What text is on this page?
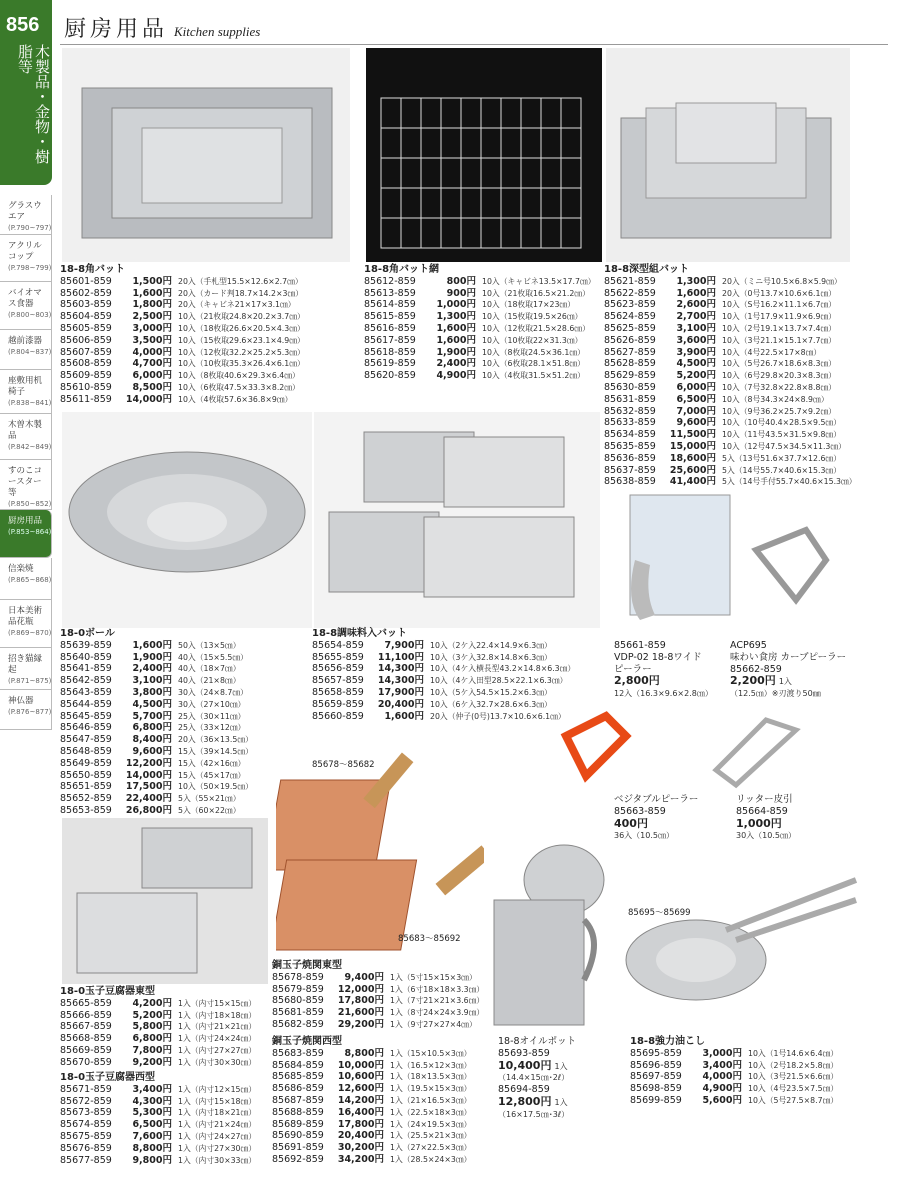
856
木製品・金物・樹脂等
グラスウエア
(P.790~797)
アクリルコップ
(P.798~799)
バイオマス食器
(P.800~803)
越前漆器
(P.804~837)
座敷用机椅子
(P.838~841)
木曽木製品
(P.842~849)
すのこコースター等
(P.850~852)
厨房用品
(P.853~864)
信楽焼
(P.865~868)
日本美術品花瓶
(P.869~870)
招き猫縁起
(P.871~875)
神仏器
(P.876~877)
厨房用品 Kitchen supplies
85678～85682
85683～85692
85695～85699
18-8角バット
85601-859	1,500円 20入（手札型15.5×12.6×2.7㎝）
85602-859	1,600円 20入（カード判18.7×14.2×3㎝）
85603-859	1,800円 20入（キャビネ21×17×3.1㎝）
85604-859	2,500円 10入（21枚取24.8×20.2×3.7㎝）
85605-859	3,000円 10入（18枚取26.6×20.5×4.3㎝）
85606-859	3,500円 10入（15枚取29.6×23.1×4.9㎝）
85607-859	4,000円 10入（12枚取32.2×25.2×5.3㎝）
85608-859	4,700円 10入（10枚取35.3×26.4×6.1㎝）
85609-859	6,000円 10入（8枚取40.6×29.3×6.4㎝）
85610-859	8,500円 10入（6枚取47.5×33.3×8.2㎝）
85611-859	14,000円 10入（4枚取57.6×36.8×9㎝）
18-8角バット網
85612-859	800円 10入（キャビネ13.5×17.7㎝）
85613-859	900円 10入（21枚取16.5×21.2㎝）
85614-859	1,000円 10入（18枚取17×23㎝）
85615-859	1,300円 10入（15枚取19.5×26㎝）
85616-859	1,600円 10入（12枚取21.5×28.6㎝）
85617-859	1,600円 10入（10枚取22×31.3㎝）
85618-859	1,900円 10入（8枚取24.5×36.1㎝）
85619-859	2,400円 10入（6枚取28.1×51.8㎝）
85620-859	4,900円 10入（4枚取31.5×51.2㎝）
18-8深型組バット
85621-859	1,300円 20入（ミニ号10.5×6.8×5.9㎝）
85622-859	1,600円 20入（0号13.7×10.6×6.1㎝）
85623-859	2,600円 10入（S号16.2×11.1×6.7㎝）
85624-859	2,700円 10入（1号17.9×11.9×6.9㎝）
85625-859	3,100円 10入（2号19.1×13.7×7.4㎝）
85626-859	3,600円 10入（3号21.1×15.1×7.7㎝）
85627-859	3,900円 10入（4号22.5×17×8㎝）
85628-859	4,500円 10入（5号26.7×18.6×8.3㎝）
85629-859	5,200円 10入（6号29.8×20.3×8.3㎝）
85630-859	6,000円 10入（7号32.8×22.8×8.8㎝）
85631-859	6,500円 10入（8号34.3×24×8.9㎝）
85632-859	7,000円 10入（9号36.2×25.7×9.2㎝）
85633-859	9,600円 10入（10号40.4×28.5×9.5㎝）
85634-859	11,500円 10入（11号43.5×31.5×9.8㎝）
85635-859	15,000円 10入（12号47.5×34.5×11.3㎝）
85636-859	18,600円 5入（13号51.6×37.7×12.6㎝）
85637-859	25,600円 5入（14号55.7×40.6×15.3㎝）
85638-859	41,400円 5入（14号手付55.7×40.6×15.3㎝）
18-0ボール
85639-859	1,600円 50入（13×5㎝）
85640-859	1,900円 40入（15×5.5㎝）
85641-859	2,400円 40入（18×7㎝）
85642-859	3,100円 40入（21×8㎝）
85643-859	3,800円 30入（24×8.7㎝）
85644-859	4,500円 30入（27×10㎝）
85645-859	5,700円 25入（30×11㎝）
85646-859	6,800円 25入（33×12㎝）
85647-859	8,400円 20入（36×13.5㎝）
85648-859	9,600円 15入（39×14.5㎝）
85649-859	12,200円 15入（42×16㎝）
85650-859	14,000円 15入（45×17㎝）
85651-859	17,500円 10入（50×19.5㎝）
85652-859	22,400円 5入（55×21㎝）
85653-859	26,800円 5入（60×22㎝）
18-8調味料入バット
85654-859	7,900円 10入（2ケ入22.4×14.9×6.3㎝）
85655-859	11,100円 10入（3ケ入32.8×14.8×6.3㎝）
85656-859	14,300円 10入（4ケ入横長型43.2×14.8×6.3㎝）
85657-859	14,300円 10入（4ケ入田型28.5×22.1×6.3㎝）
85658-859	17,900円 10入（5ケ入54.5×15.2×6.3㎝）
85659-859	20,400円 10入（6ケ入32.7×28.6×6.3㎝）
85660-859	1,600円 20入（仲子(0号)13.7×10.6×6.1㎝）
18-0玉子豆腐器東型
85665-859	4,200円 1入（内寸15×15㎝）
85666-859	5,200円 1入（内寸18×18㎝）
85667-859	5,800円 1入（内寸21×21㎝）
85668-859	6,800円 1入（内寸24×24㎝）
85669-859	7,800円 1入（内寸27×27㎝）
85670-859	9,200円 1入（内寸30×30㎝）
18-0玉子豆腐器西型
85671-859	3,400円 1入（内寸12×15㎝）
85672-859	4,300円 1入（内寸15×18㎝）
85673-859	5,300円 1入（内寸18×21㎝）
85674-859	6,500円 1入（内寸21×24㎝）
85675-859	7,600円 1入（内寸24×27㎝）
85676-859	8,800円 1入（内寸27×30㎝）
85677-859	9,800円 1入（内寸30×33㎝）
銅玉子焼関東型
85678-859	9,400円 1入（5寸15×15×3㎝）
85679-859	12,000円 1入（6寸18×18×3.3㎝）
85680-859	17,800円 1入（7寸21×21×3.6㎝）
85681-859	21,600円 1入（8寸24×24×3.9㎝）
85682-859	29,200円 1入（9寸27×27×4㎝）
銅玉子焼関西型
85683-859	8,800円 1入（15×10.5×3㎝）
85684-859	10,000円 1入（16.5×12×3㎝）
85685-859	10,600円 1入（18×13.5×3㎝）
85686-859	12,600円 1入（19.5×15×3㎝）
85687-859	14,200円 1入（21×16.5×3㎝）
85688-859	16,400円 1入（22.5×18×3㎝）
85689-859	17,800円 1入（24×19.5×3㎝）
85690-859	20,400円 1入（25.5×21×3㎝）
85691-859	30,200円 1入（27×22.5×3㎝）
85692-859	34,200円 1入（28.5×24×3㎝）
18-8強力油こし
85695-859	3,000円 10入（1号14.6×6.4㎝）
85696-859	3,400円 10入（2号18.2×5.8㎝）
85697-859	4,000円 10入（3号21.5×6.6㎝）
85698-859	4,900円 10入（4号23.5×7.5㎝）
85699-859	5,600円 10入（5号27.5×8.7㎝）
85661-859
VDP-02 18-8ワイド
ピーラー
2,800円
12入（16.3×9.6×2.8㎝）
ACP695
味わい食房 カーブピーラー
85662-859
2,200円 1入
（12.5㎝）※刃渡り50㎜
ベジタブルピーラー
85663-859
400円
36入（10.5㎝）
リッター皮引
85664-859
1,000円
30入（10.5㎝）
18-8オイルポット
85693-859
10,400円 1入
（14.4×15㎝･2ℓ）
85694-859
12,800円 1入
（16×17.5㎝･3ℓ）
